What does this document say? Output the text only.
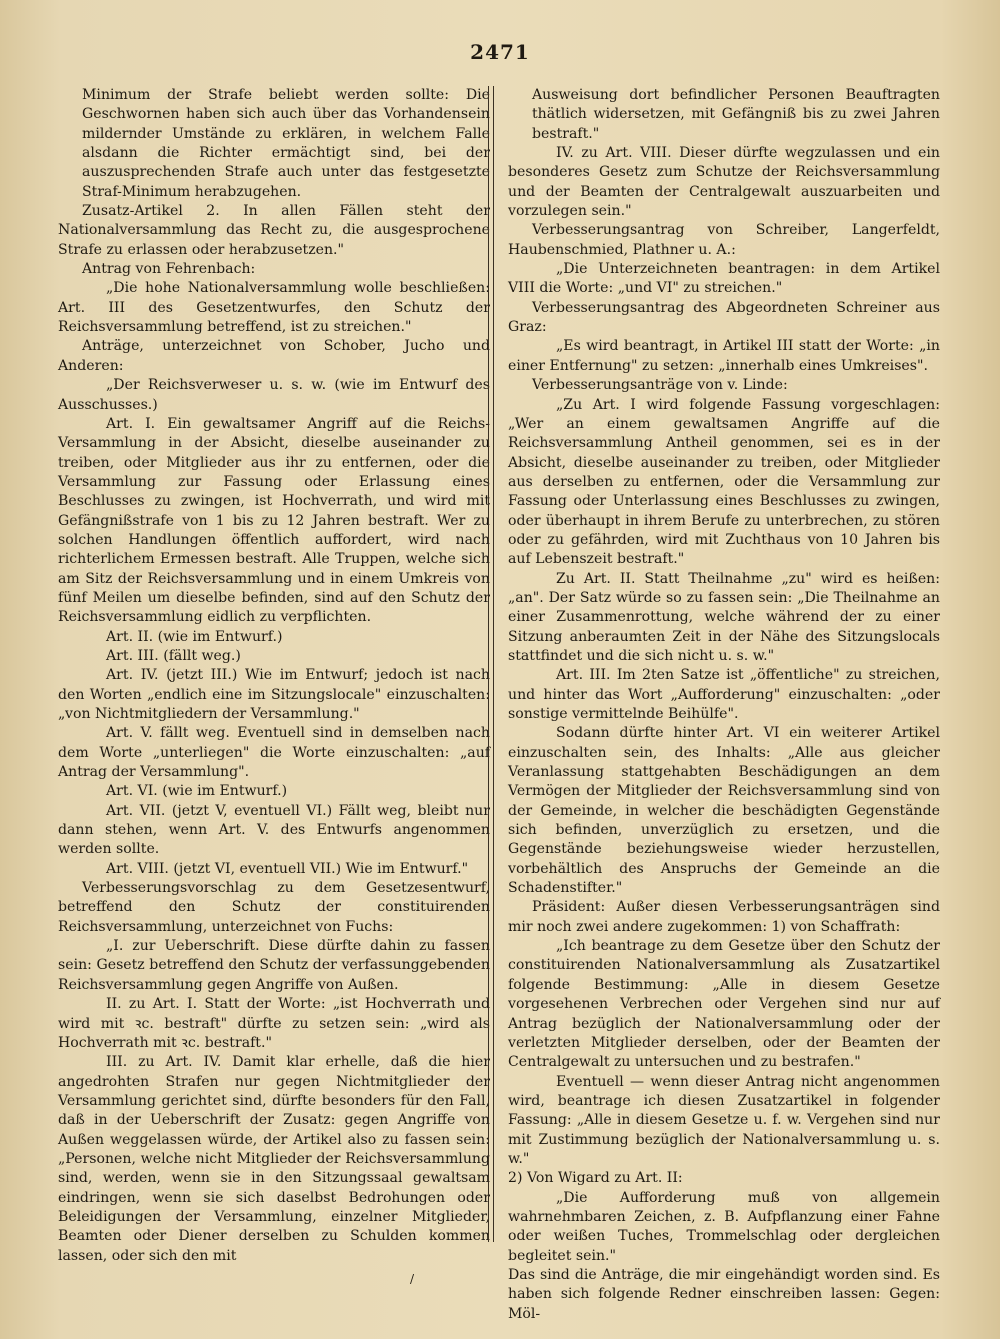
2471

Minimum der Strafe beliebt werden sollte: Die Geschwornen haben sich auch über das Vorhandensein mildernder Umstände zu erklären, in welchem Falle alsdann die Richter ermächtigt sind, bei der auszusprechenden Strafe auch unter das festgesetzte Straf-Minimum herabzugehen.

Zusatz-Artikel 2. In allen Fällen steht der Nationalversammlung das Recht zu, die ausgesprochene Strafe zu erlassen oder herabzusetzen."

Antrag von Fehrenbach:

„Die hohe Nationalversammlung wolle beschließen: Art. III des Gesetzentwurfes, den Schutz der Reichsversammlung betreffend, ist zu streichen."

Anträge, unterzeichnet von Schober, Jucho und Anderen:

„Der Reichsverweser u. s. w. (wie im Entwurf des Ausschusses.)

Art. I. Ein gewaltsamer Angriff auf die Reichs-Versammlung in der Absicht, dieselbe auseinander zu treiben, oder Mitglieder aus ihr zu entfernen, oder die Versammlung zur Fassung oder Erlassung eines Beschlusses zu zwingen, ist Hochverrath, und wird mit Gefängnißstrafe von 1 bis zu 12 Jahren bestraft. Wer zu solchen Handlungen öffentlich auffordert, wird nach richterlichem Ermessen bestraft. Alle Truppen, welche sich am Sitz der Reichsversammlung und in einem Umkreis von fünf Meilen um dieselbe befinden, sind auf den Schutz der Reichsversammlung eidlich zu verpflichten.

Art. II. (wie im Entwurf.)

Art. III. (fällt weg.)

Art. IV. (jetzt III.) Wie im Entwurf; jedoch ist nach den Worten „endlich eine im Sitzungslocale" einzuschalten: „von Nichtmitgliedern der Versammlung."

Art. V. fällt weg. Eventuell sind in demselben nach dem Worte „unterliegen" die Worte einzuschalten: „auf Antrag der Versammlung".

Art. VI. (wie im Entwurf.)

Art. VII. (jetzt V, eventuell VI.) Fällt weg, bleibt nur dann stehen, wenn Art. V. des Entwurfs angenommen werden sollte.

Art. VIII. (jetzt VI, eventuell VII.) Wie im Entwurf."

Verbesserungsvorschlag zu dem Gesetzesentwurf, betreffend den Schutz der constituirenden Reichsversammlung, unterzeichnet von Fuchs:

„I. zur Ueberschrift. Diese dürfte dahin zu fassen sein: Gesetz betreffend den Schutz der verfassunggebenden Reichsversammlung gegen Angriffe von Außen.

II. zu Art. I. Statt der Worte: „ist Hochverrath und wird mit ꝛc. bestraft" dürfte zu setzen sein: „wird als Hochverrath mit ꝛc. bestraft."

III. zu Art. IV. Damit klar erhelle, daß die hier angedrohten Strafen nur gegen Nichtmitglieder der Versammlung gerichtet sind, dürfte besonders für den Fall, daß in der Ueberschrift der Zusatz: gegen Angriffe von Außen weggelassen würde, der Artikel also zu fassen sein: „Personen, welche nicht Mitglieder der Reichsversammlung sind, werden, wenn sie in den Sitzungssaal gewaltsam eindringen, wenn sie sich daselbst Bedrohungen oder Beleidigungen der Versammlung, einzelner Mitglieder, Beamten oder Diener derselben zu Schulden kommen lassen, oder sich den mit

Ausweisung dort befindlicher Personen Beauftragten thätlich widersetzen, mit Gefängniß bis zu zwei Jahren bestraft."

IV. zu Art. VIII. Dieser dürfte wegzulassen und ein besonderes Gesetz zum Schutze der Reichsversammlung und der Beamten der Centralgewalt auszuarbeiten und vorzulegen sein."

Verbesserungsantrag von Schreiber, Langerfeldt, Haubenschmied, Plathner u. A.:

„Die Unterzeichneten beantragen: in dem Artikel VIII die Worte: „und VI" zu streichen."

Verbesserungsantrag des Abgeordneten Schreiner aus Graz:

„Es wird beantragt, in Artikel III statt der Worte: „in einer Entfernung" zu setzen: „innerhalb eines Umkreises".

Verbesserungsanträge von v. Linde:

„Zu Art. I wird folgende Fassung vorgeschlagen: „Wer an einem gewaltsamen Angriffe auf die Reichsversammlung Antheil genommen, sei es in der Absicht, dieselbe auseinander zu treiben, oder Mitglieder aus derselben zu entfernen, oder die Versammlung zur Fassung oder Unterlassung eines Beschlusses zu zwingen, oder überhaupt in ihrem Berufe zu unterbrechen, zu stören oder zu gefährden, wird mit Zuchthaus von 10 Jahren bis auf Lebenszeit bestraft."

Zu Art. II. Statt Theilnahme „zu" wird es heißen: „an". Der Satz würde so zu fassen sein: „Die Theilnahme an einer Zusammenrottung, welche während der zu einer Sitzung anberaumten Zeit in der Nähe des Sitzungslocals stattfindet und die sich nicht u. s. w."

Art. III. Im 2ten Satze ist „öffentliche" zu streichen, und hinter das Wort „Aufforderung" einzuschalten: „oder sonstige vermittelnde Beihülfe".

Sodann dürfte hinter Art. VI ein weiterer Artikel einzuschalten sein, des Inhalts: „Alle aus gleicher Veranlassung stattgehabten Beschädigungen an dem Vermögen der Mitglieder der Reichsversammlung sind von der Gemeinde, in welcher die beschädigten Gegenstände sich befinden, unverzüglich zu ersetzen, und die Gegenstände beziehungsweise wieder herzustellen, vorbehältlich des Anspruchs der Gemeinde an die Schadenstifter."

Präsident: Außer diesen Verbesserungsanträgen sind mir noch zwei andere zugekommen: 1) von Schaffrath:

„Ich beantrage zu dem Gesetze über den Schutz der constituirenden Nationalversammlung als Zusatzartikel folgende Bestimmung: „Alle in diesem Gesetze vorgesehenen Verbrechen oder Vergehen sind nur auf Antrag bezüglich der Nationalversammlung oder der verletzten Mitglieder derselben, oder der Beamten der Centralgewalt zu untersuchen und zu bestrafen."

Eventuell — wenn dieser Antrag nicht angenommen wird, beantrage ich diesen Zusatzartikel in folgender Fassung: „Alle in diesem Gesetze u. f. w. Vergehen sind nur mit Zustimmung bezüglich der Nationalversammlung u. s. w."

2) Von Wigard zu Art. II:

„Die Aufforderung muß von allgemein wahrnehmbaren Zeichen, z. B. Aufpflanzung einer Fahne oder weißen Tuches, Trommelschlag oder dergleichen begleitet sein."

Das sind die Anträge, die mir eingehändigt worden sind. Es haben sich folgende Redner einschreiben lassen: Gegen: Möl-

/
